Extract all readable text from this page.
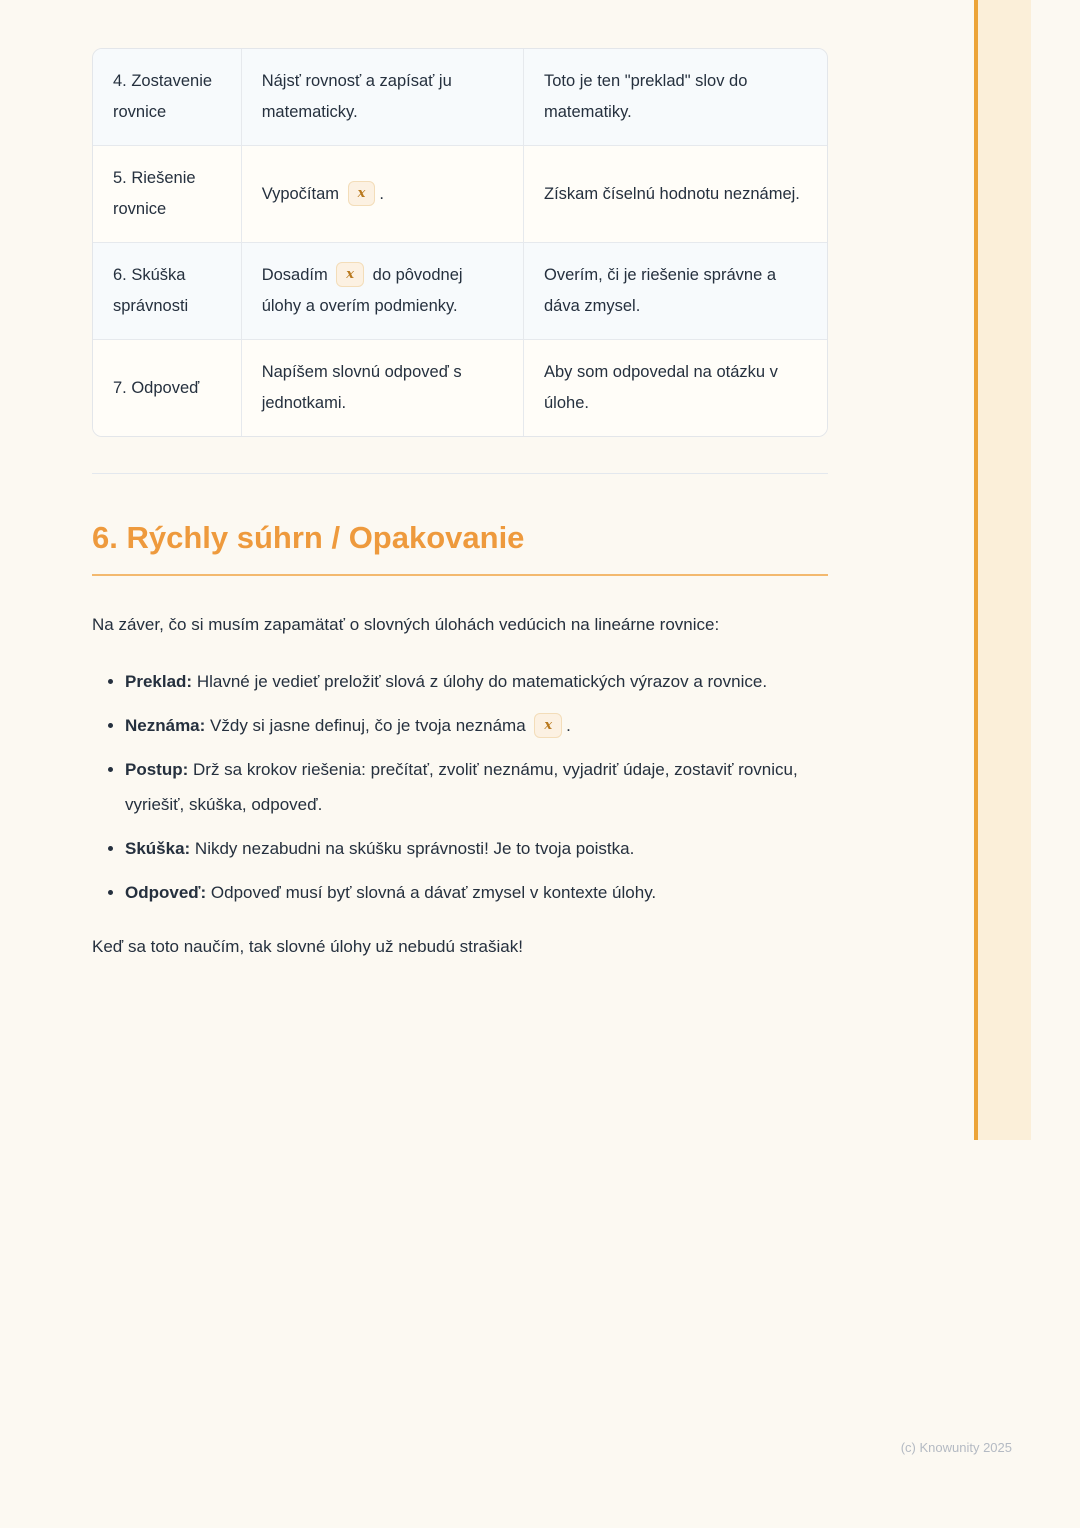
4. Zostavenie rovnice	Nájsť rovnosť a zapísať ju matematicky.	Toto je ten "preklad" slov do matematiky.
5. Riešenie rovnice	Vypočítam x .	Získam číselnú hodnotu neznámej.
6. Skúška správnosti	Dosadím x do pôvodnej úlohy a overím podmienky.	Overím, či je riešenie správne a dáva zmysel.
7. Odpoveď	Napíšem slovnú odpoveď s jednotkami.	Aby som odpovedal na otázku v úlohe.
6. Rýchly súhrn / Opakovanie

Na záver, čo si musím zapamätať o slovných úlohách vedúcich na lineárne rovnice:

• Preklad: Hlavné je vedieť preložiť slová z úlohy do matematických výrazov a rovnice.
• Neznáma: Vždy si jasne definuj, čo je tvoja neznáma x .
• Postup: Drž sa krokov riešenia: prečítať, zvoliť neznámu, vyjadriť údaje, zostaviť rovnicu, vyriešiť, skúška, odpoveď.
• Skúška: Nikdy nezabudni na skúšku správnosti! Je to tvoja poistka.
• Odpoveď: Odpoveď musí byť slovná a dávať zmysel v kontexte úlohy.

Keď sa toto naučím, tak slovné úlohy už nebudú strašiak!

(c) Knowunity 2025
